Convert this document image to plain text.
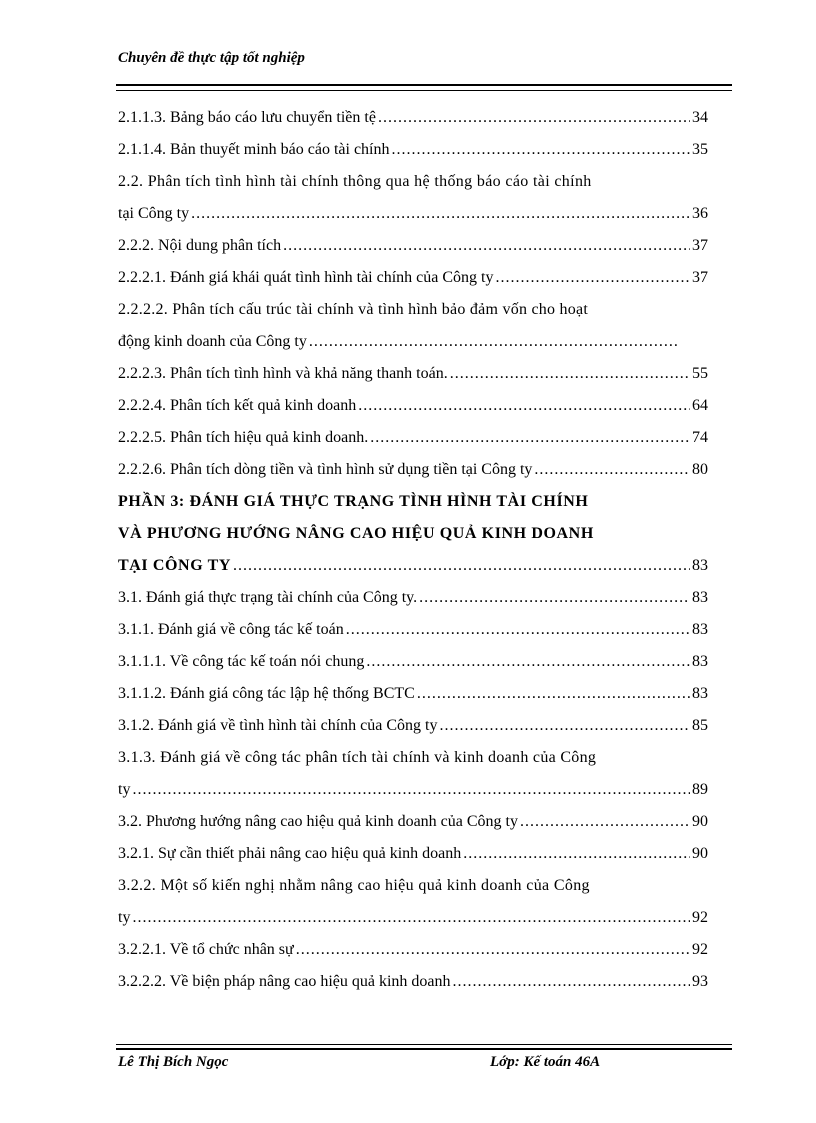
Chuyên đề thực tập tốt nghiệp
2.1.1.3. Bảng báo cáo lưu chuyển tiền tệ .....	34
2.1.1.4. Bản thuyết minh báo cáo tài chính .....	35
2.2. Phân tích tình hình tài chính thông qua hệ thống báo cáo tài chính
tại Công ty .....	36
2.2.2. Nội dung phân tích .....	37
2.2.2.1. Đánh giá khái quát tình hình tài chính của Công ty .....	37
2.2.2.2. Phân tích cấu trúc tài chính và tình hình bảo đảm vốn cho hoạt
động kinh doanh của Công ty
.....
2.2.2.3. Phân tích tình hình và khả năng thanh toán. .....	55
2.2.2.4. Phân tích kết quả kinh doanh .....	64
2.2.2.5. Phân tích hiệu quả kinh doanh. .....	74
2.2.2.6. Phân tích dòng tiền và tình hình sử dụng tiền tại Công ty .....	80
PHẦN 3: ĐÁNH GIÁ THỰC TRẠNG TÌNH HÌNH TÀI CHÍNH
VÀ PHƯƠNG HƯỚNG NÂNG CAO HIỆU QUẢ KINH DOANH
TẠI CÔNG TY .....	83
3.1. Đánh giá thực trạng tài chính của Công ty. .....	83
3.1.1. Đánh giá về công tác kế toán .....	83
3.1.1.1. Về công tác kế toán nói chung .....	83
3.1.1.2. Đánh giá công tác lập hệ thống BCTC .....	83
3.1.2. Đánh giá về tình hình tài chính của Công ty .....	85
3.1.3. Đánh giá về công tác phân tích tài chính và kinh doanh của Công
ty .....	89
3.2. Phương hướng nâng cao hiệu quả kinh doanh của Công ty .....	90
3.2.1. Sự cần thiết phải nâng cao hiệu quả kinh doanh .....	90
3.2.2. Một số kiến nghị nhằm nâng cao hiệu quả kinh doanh của Công
ty .....	92
3.2.2.1. Về tổ chức nhân sự .....	92
3.2.2.2. Về biện pháp nâng cao hiệu quả kinh doanh .....	93
Lê Thị Bích Ngọc	Lớp: Kế toán 46A
